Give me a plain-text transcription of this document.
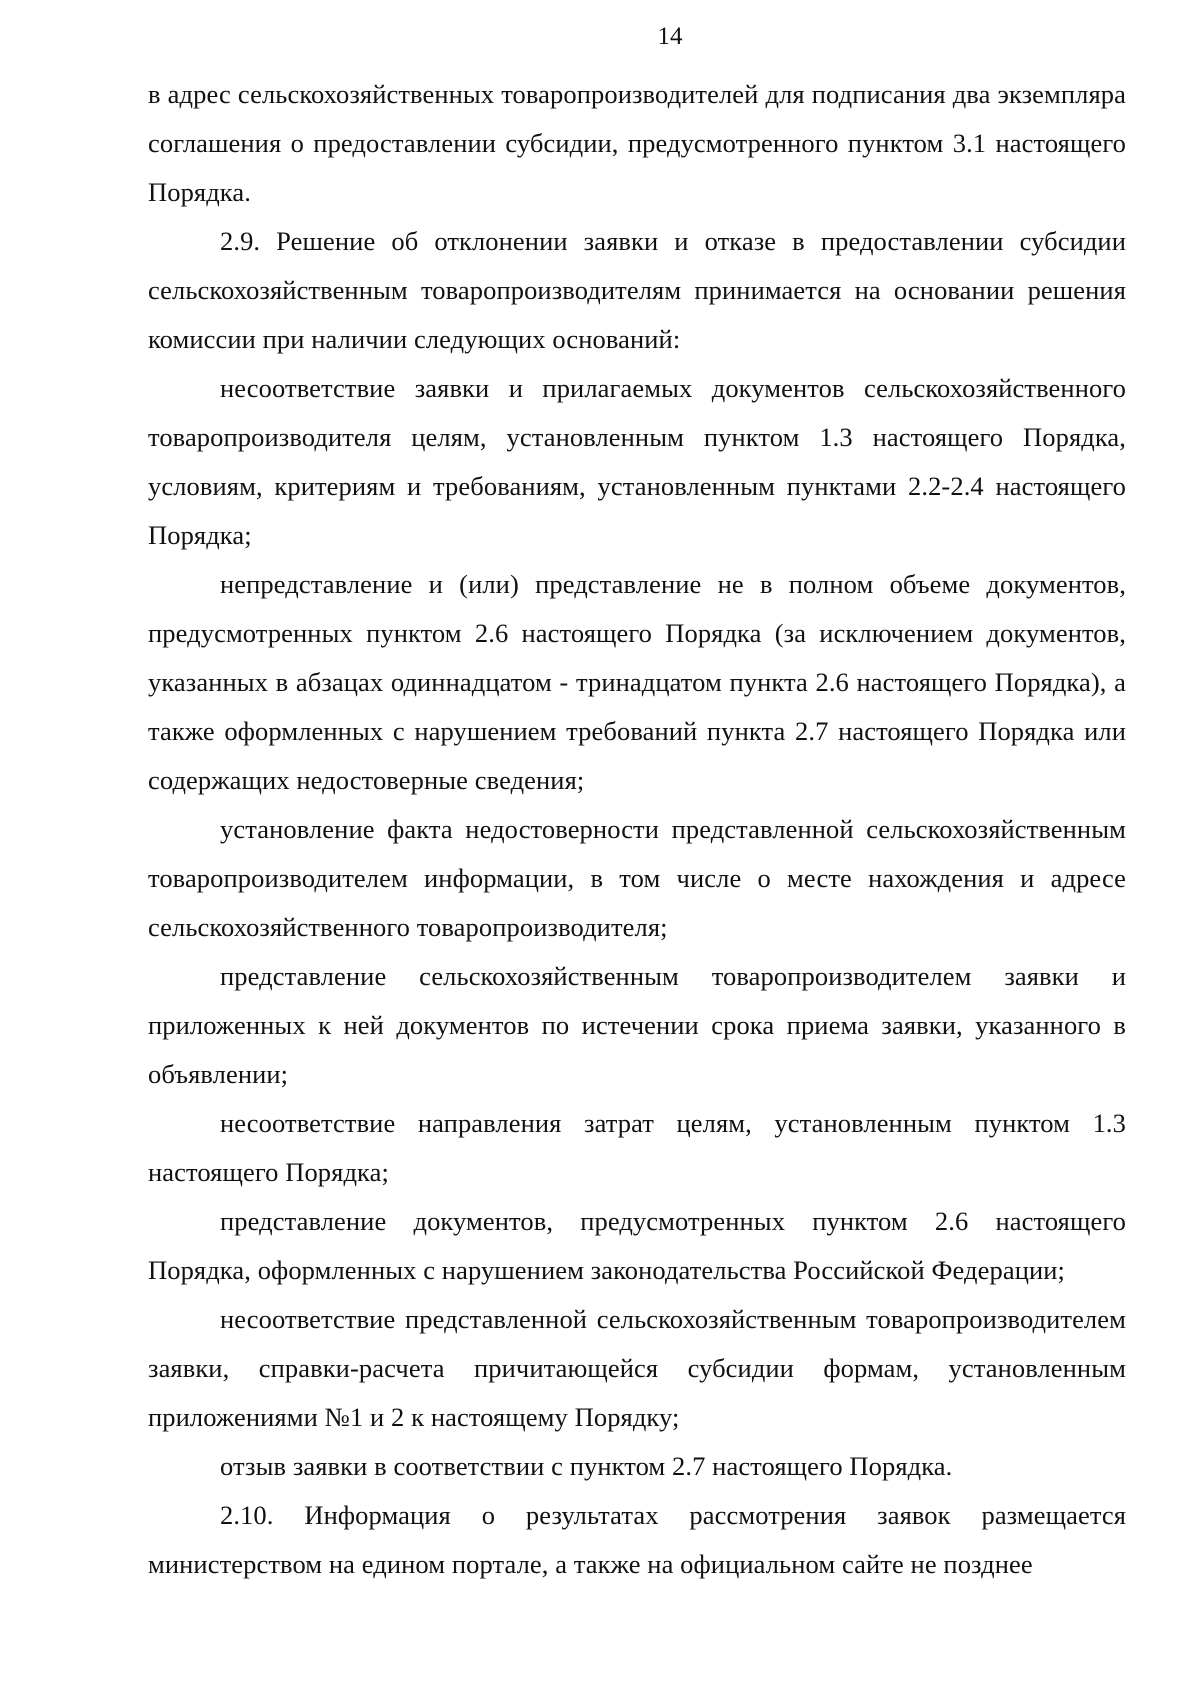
14

в адрес сельскохозяйственных товаропроизводителей для подписания два экземпляра соглашения о предоставлении субсидии, предусмотренного пунктом 3.1 настоящего Порядка.

2.9. Решение об отклонении заявки и отказе в предоставлении субсидии сельскохозяйственным товаропроизводителям принимается на основании решения комиссии при наличии следующих оснований:

несоответствие заявки и прилагаемых документов сельскохозяйственного товаропроизводителя целям, установленным пунктом 1.3 настоящего Порядка, условиям, критериям и требованиям, установленным пунктами 2.2-2.4 настоящего Порядка;

непредставление и (или) представление не в полном объеме документов, предусмотренных пунктом 2.6 настоящего Порядка (за исключением документов, указанных в абзацах одиннадцатом - тринадцатом пункта 2.6 настоящего Порядка), а также оформленных с нарушением требований пункта 2.7 настоящего Порядка или содержащих недостоверные сведения;

установление факта недостоверности представленной сельскохозяйственным товаропроизводителем информации, в том числе о месте нахождения и адресе сельскохозяйственного товаропроизводителя;

представление сельскохозяйственным товаропроизводителем заявки и приложенных к ней документов по истечении срока приема заявки, указанного в объявлении;

несоответствие направления затрат целям, установленным пунктом 1.3 настоящего Порядка;

представление документов, предусмотренных пунктом 2.6 настоящего Порядка, оформленных с нарушением законодательства Российской Федерации;

несоответствие представленной сельскохозяйственным товаропроизводителем заявки, справки-расчета причитающейся субсидии формам, установленным приложениями №1 и 2 к настоящему Порядку;

отзыв заявки в соответствии с пунктом 2.7 настоящего Порядка.

2.10. Информация о результатах рассмотрения заявок размещается министерством на едином портале, а также на официальном сайте не позднее
